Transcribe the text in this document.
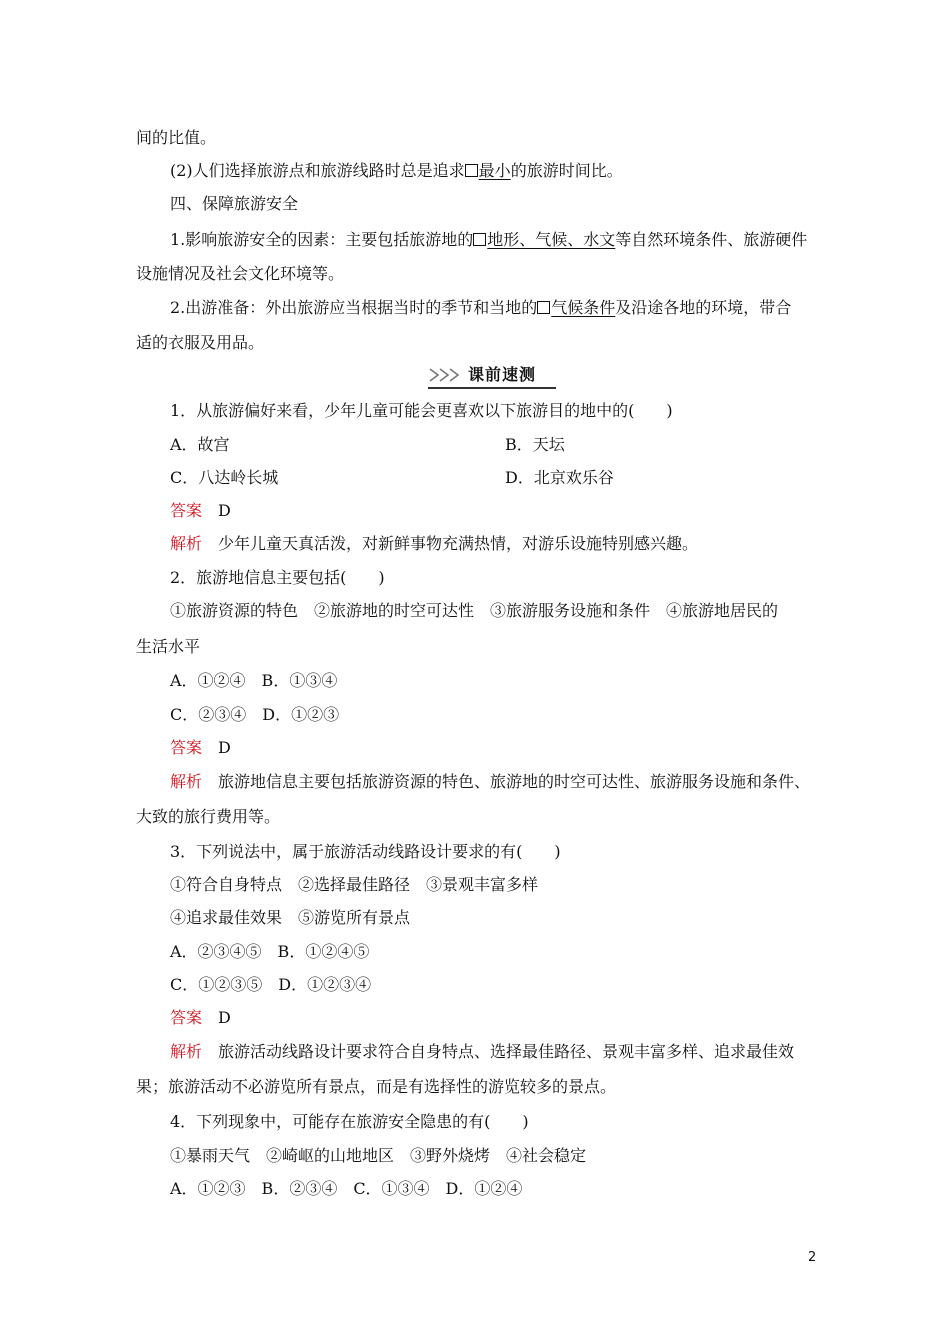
间的比值。
(2)人们选择旅游点和旅游线路时总是追求 最小的旅游时间比。
四、保障旅游安全
1.影响旅游安全的因素：主要包括旅游地的 地形、气候、水文等自然环境条件、旅游硬件
设施情况及社会文化环境等。
2.出游准备：外出旅游应当根据当时的季节和当地的 气候条件及沿途各地的环境，带合
适的衣服及用品。
课前速测
1．从旅游偏好来看，少年儿童可能会更喜欢以下旅游目的地中的(　　)
A．故宫	B．天坛
C．八达岭长城	D．北京欢乐谷
答案　 D
解析　 少年儿童天真活泼，对新鲜事物充满热情，对游乐设施特别感兴趣。
2．旅游地信息主要包括(　　)
①旅游资源的特色　②旅游地的时空可达性　③旅游服务设施和条件　④旅游地居民的
生活水平
A．①②④　B．①③④
C．②③④　D．①②③
答案　 D
解析　 旅游地信息主要包括旅游资源的特色、旅游地的时空可达性、旅游服务设施和条件、
大致的旅行费用等。
3．下列说法中，属于旅游活动线路设计要求的有(　　)
①符合自身特点　②选择最佳路径　③景观丰富多样
④追求最佳效果　⑤游览所有景点
A．②③④⑤　B．①②④⑤
C．①②③⑤　D．①②③④
答案　 D
解析　 旅游活动线路设计要求符合自身特点、选择最佳路径、景观丰富多样、追求最佳效
果；旅游活动不必游览所有景点，而是有选择性的游览较多的景点。
4．下列现象中，可能存在旅游安全隐患的有(　　)
①暴雨天气　②崎岖的山地地区　③野外烧烤　④社会稳定
A．①②③　B．②③④　C．①③④　D．①②④
2
